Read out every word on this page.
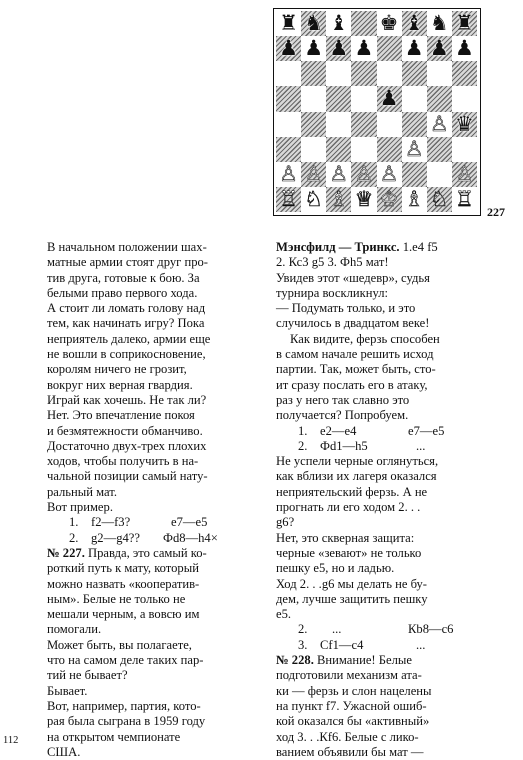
♜ ♞ ♝ ♚ ♝ ♞ ♜
♟ ♟ ♟ ♟ ♟ ♟ ♟
♟
♙ ♛
♙
♙ ♙ ♙ ♙ ♙	♙
♖ ♘ ♗ ♕ ♔ ♗ ♘ ♖
227

В начальном положении шах-
матные армии стоят друг про-
тив друга, готовые к бою. За
белыми право первого хода.
А стоит ли ломать голову над
тем, как начинать игру? Пока
неприятель далеко, армии еще
не вошли в соприкосновение,
королям ничего не грозит,
вокруг них верная гвардия.
Играй как хочешь. Не так ли?
Нет. Это впечатление покоя
и безмятежности обманчиво.
Достаточно двух-трех плохих
ходов, чтобы получить в на-
чальной позиции самый нату-
ральный мат.

Вот пример.

1. f2—f3?	e7—e5
2. g2—g4??	Фd8—h4×

№ 227. Правда, это самый ко-
роткий путь к мату, который
можно назвать «кооператив-
ным». Белые не только не
мешали черным, а вовсю им
помогали.

Может быть, вы полагаете,
что на самом деле таких пар-
тий не бывает?

Бывает.

Вот, например, партия, кото-
рая была сыграна в 1959 году
на открытом чемпионате
США.

Мэнсфилд — Тринкс. 1.е4 f5

2. Кс3 g5 3. Фh5 мат!

Увидев этот «шедевр», судья
турнира воскликнул:
— Подумать только, и это
случилось в двадцатом веке!

Как видите, ферзь способен
в самом начале решить исход
партии. Так, может быть, сто-
ит сразу послать его в атаку,
раз у него так славно это
получается? Попробуем.

1. е2—е4	е7—е5
2. Фd1—h5	...

Не успели черные оглянуться,
как вблизи их лагеря оказался
неприятельский ферзь. А не
прогнать ли его ходом 2. . .
g6?

Нет, это скверная защита:
черные «зевают» не только
пешку е5, но и ладью.

Ход 2. . .g6 мы делать не бу-
дем, лучше защитить пешку
е5.

2.	...	Кb8—с6
3. Cf1—c4	...

№ 228. Внимание! Белые
подготовили механизм ата-
ки — ферзь и слон нацелены
на пункт f7. Ужасной ошиб-
кой оказался бы «активный»
ход 3. . .Кf6. Белые с лико-
ванием объявили бы мат —

112
